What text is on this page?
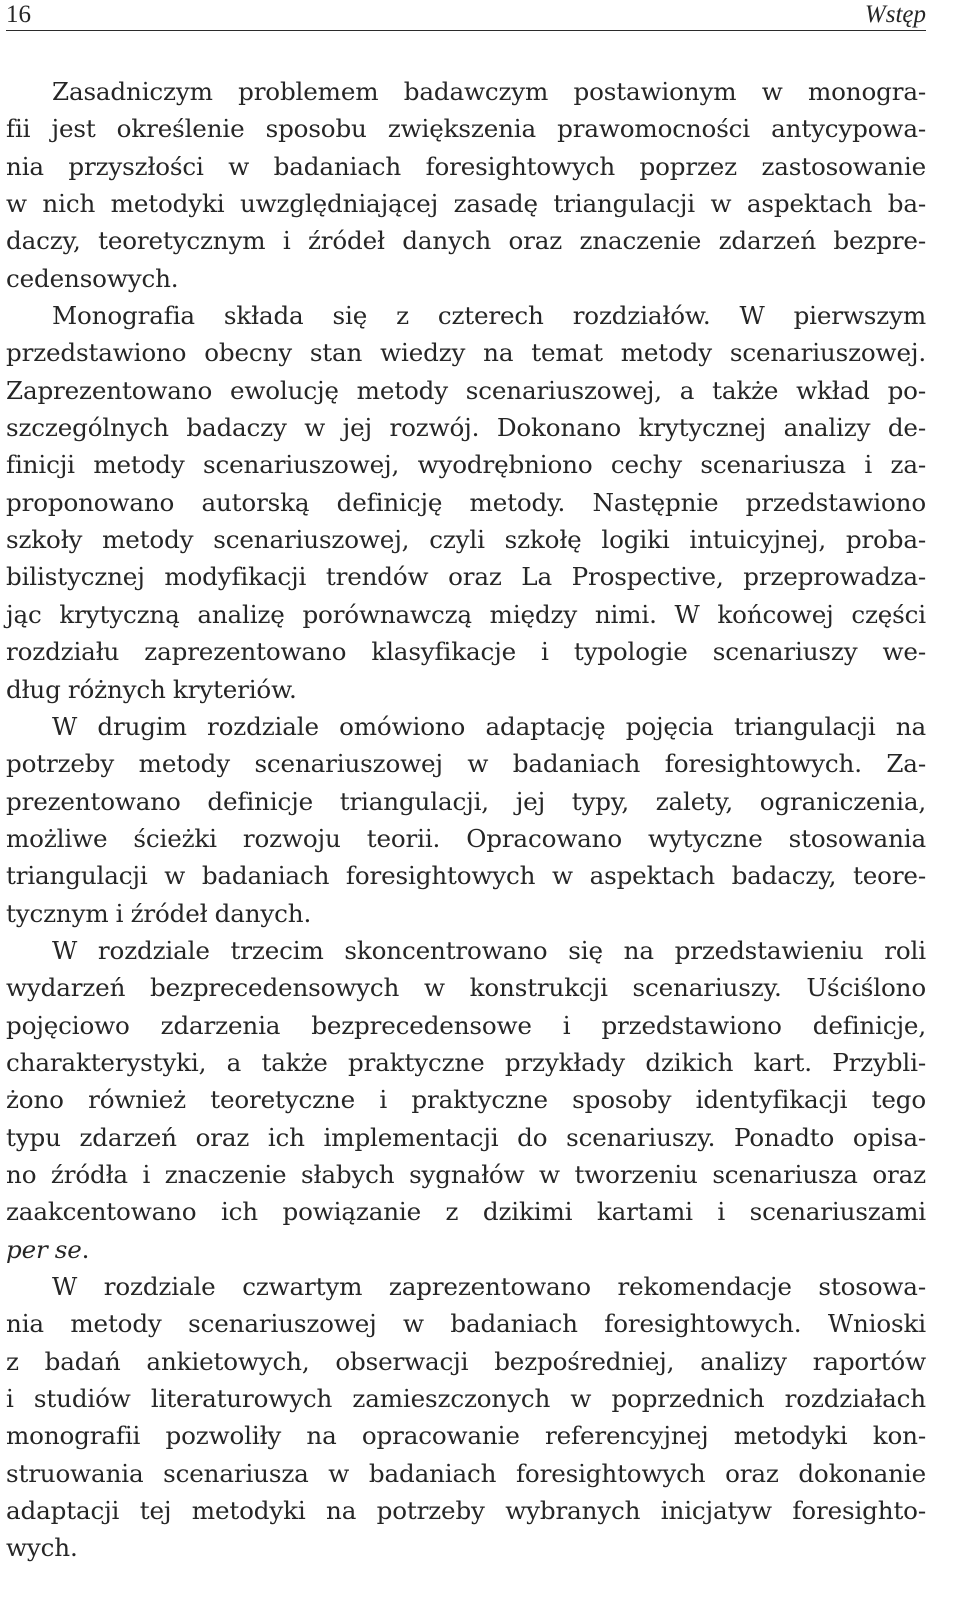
16	Wstęp

Zasadniczym problemem badawczym postawionym w monogra-
fii jest określenie sposobu zwiększenia prawomocności antycypowa-
nia przyszłości w badaniach foresightowych poprzez zastosowanie
w nich metodyki uwzględniającej zasadę triangulacji w aspektach ba-
daczy, teoretycznym i źródeł danych oraz znaczenie zdarzeń bezpre-
cedensowych.

Monografia składa się z czterech rozdziałów. W pierwszym
przedstawiono obecny stan wiedzy na temat metody scenariuszowej.
Zaprezentowano ewolucję metody scenariuszowej, a także wkład po-
szczególnych badaczy w jej rozwój. Dokonano krytycznej analizy de-
finicji metody scenariuszowej, wyodrębniono cechy scenariusza i za-
proponowano autorską definicję metody. Następnie przedstawiono
szkoły metody scenariuszowej, czyli szkołę logiki intuicyjnej, proba-
bilistycznej modyfikacji trendów oraz La Prospective, przeprowadza-
jąc krytyczną analizę porównawczą między nimi. W końcowej części
rozdziału zaprezentowano klasyfikacje i typologie scenariuszy we-
dług różnych kryteriów.

W drugim rozdziale omówiono adaptację pojęcia triangulacji na
potrzeby metody scenariuszowej w badaniach foresightowych. Za-
prezentowano definicje triangulacji, jej typy, zalety, ograniczenia,
możliwe ścieżki rozwoju teorii. Opracowano wytyczne stosowania
triangulacji w badaniach foresightowych w aspektach badaczy, teore-
tycznym i źródeł danych.

W rozdziale trzecim skoncentrowano się na przedstawieniu roli
wydarzeń bezprecedensowych w konstrukcji scenariuszy. Uściślono
pojęciowo zdarzenia bezprecedensowe i przedstawiono definicje,
charakterystyki, a także praktyczne przykłady dzikich kart. Przybli-
żono również teoretyczne i praktyczne sposoby identyfikacji tego
typu zdarzeń oraz ich implementacji do scenariuszy. Ponadto opisa-
no źródła i znaczenie słabych sygnałów w tworzeniu scenariusza oraz
zaakcentowano ich powiązanie z dzikimi kartami i scenariuszami
per se.

W rozdziale czwartym zaprezentowano rekomendacje stosowa-
nia metody scenariuszowej w badaniach foresightowych. Wnioski
z badań ankietowych, obserwacji bezpośredniej, analizy raportów
i studiów literaturowych zamieszczonych w poprzednich rozdziałach
monografii pozwoliły na opracowanie referencyjnej metodyki kon-
struowania scenariusza w badaniach foresightowych oraz dokonanie
adaptacji tej metodyki na potrzeby wybranych inicjatyw foresighto-
wych.
